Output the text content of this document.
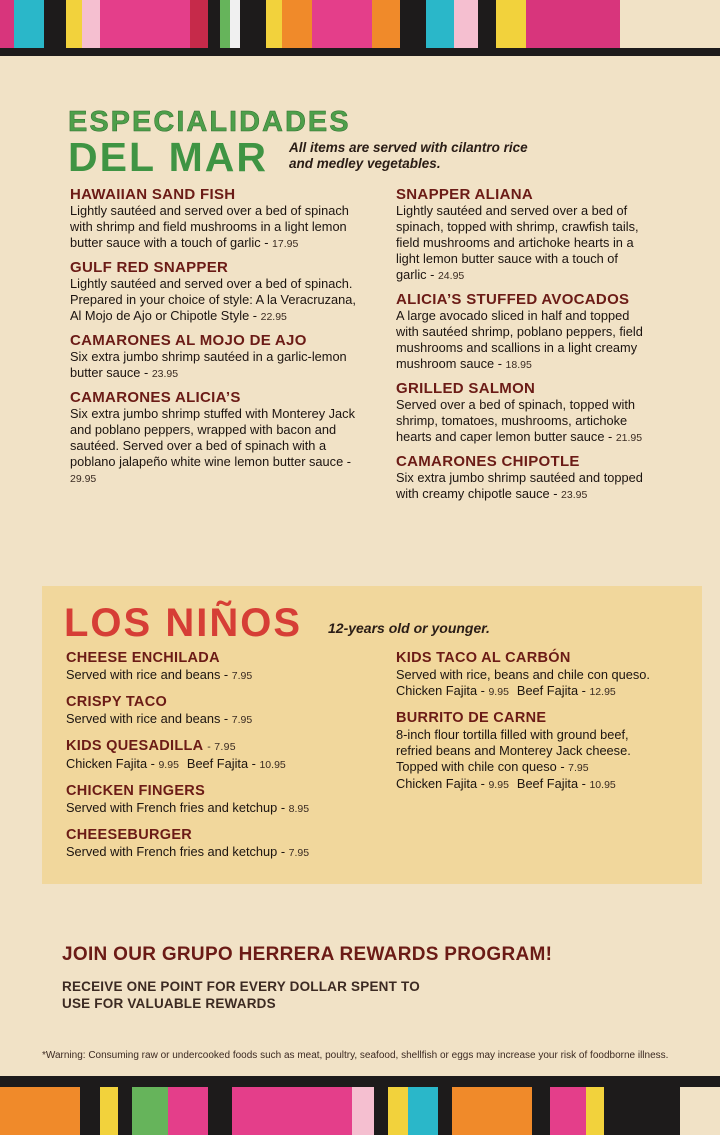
ESPECIALIDADES
DEL MAR All items are served with cilantro rice and medley vegetables.
HAWAIIAN SAND FISH
Lightly sautéed and served over a bed of spinach with shrimp and field mushrooms in a light lemon butter sauce with a touch of garlic - 17.95
GULF RED SNAPPER
Lightly sautéed and served over a bed of spinach. Prepared in your choice of style: A la Veracruzana, Al Mojo de Ajo or Chipotle Style - 22.95
CAMARONES AL MOJO DE AJO
Six extra jumbo shrimp sautéed in a garlic-lemon butter sauce - 23.95
CAMARONES ALICIA’S
Six extra jumbo shrimp stuffed with Monterey Jack and poblano peppers, wrapped with bacon and sautéed. Served over a bed of spinach with a poblano jalapeño white wine lemon butter sauce - 29.95
SNAPPER ALIANA
Lightly sautéed and served over a bed of spinach, topped with shrimp, crawfish tails, field mushrooms and artichoke hearts in a light lemon butter sauce with a touch of garlic - 24.95
ALICIA’S STUFFED AVOCADOS
A large avocado sliced in half and topped with sautéed shrimp, poblano peppers, field mushrooms and scallions in a light creamy mushroom sauce - 18.95
GRILLED SALMON
Served over a bed of spinach, topped with shrimp, tomatoes, mushrooms, artichoke hearts and caper lemon butter sauce - 21.95
CAMARONES CHIPOTLE
Six extra jumbo shrimp sautéed and topped with creamy chipotle sauce - 23.95
LOS NIÑOS 12-years old or younger.
CHEESE ENCHILADA
Served with rice and beans - 7.95
CRISPY TACO
Served with rice and beans - 7.95
KIDS QUESADILLA - 7.95
Chicken Fajita - 9.95 Beef Fajita - 10.95
CHICKEN FINGERS
Served with French fries and ketchup - 8.95
CHEESEBURGER
Served with French fries and ketchup - 7.95
KIDS TACO AL CARBÓN
Served with rice, beans and chile con queso.
Chicken Fajita - 9.95 Beef Fajita - 12.95
BURRITO DE CARNE
8-inch flour tortilla filled with ground beef, refried beans and Monterey Jack cheese. Topped with chile con queso - 7.95
Chicken Fajita - 9.95 Beef Fajita - 10.95
JOIN OUR GRUPO HERRERA REWARDS PROGRAM!
RECEIVE ONE POINT FOR EVERY DOLLAR SPENT TO USE FOR VALUABLE REWARDS
*Warning: Consuming raw or undercooked foods such as meat, poultry, seafood, shellfish or eggs may increase your risk of foodborne illness.
